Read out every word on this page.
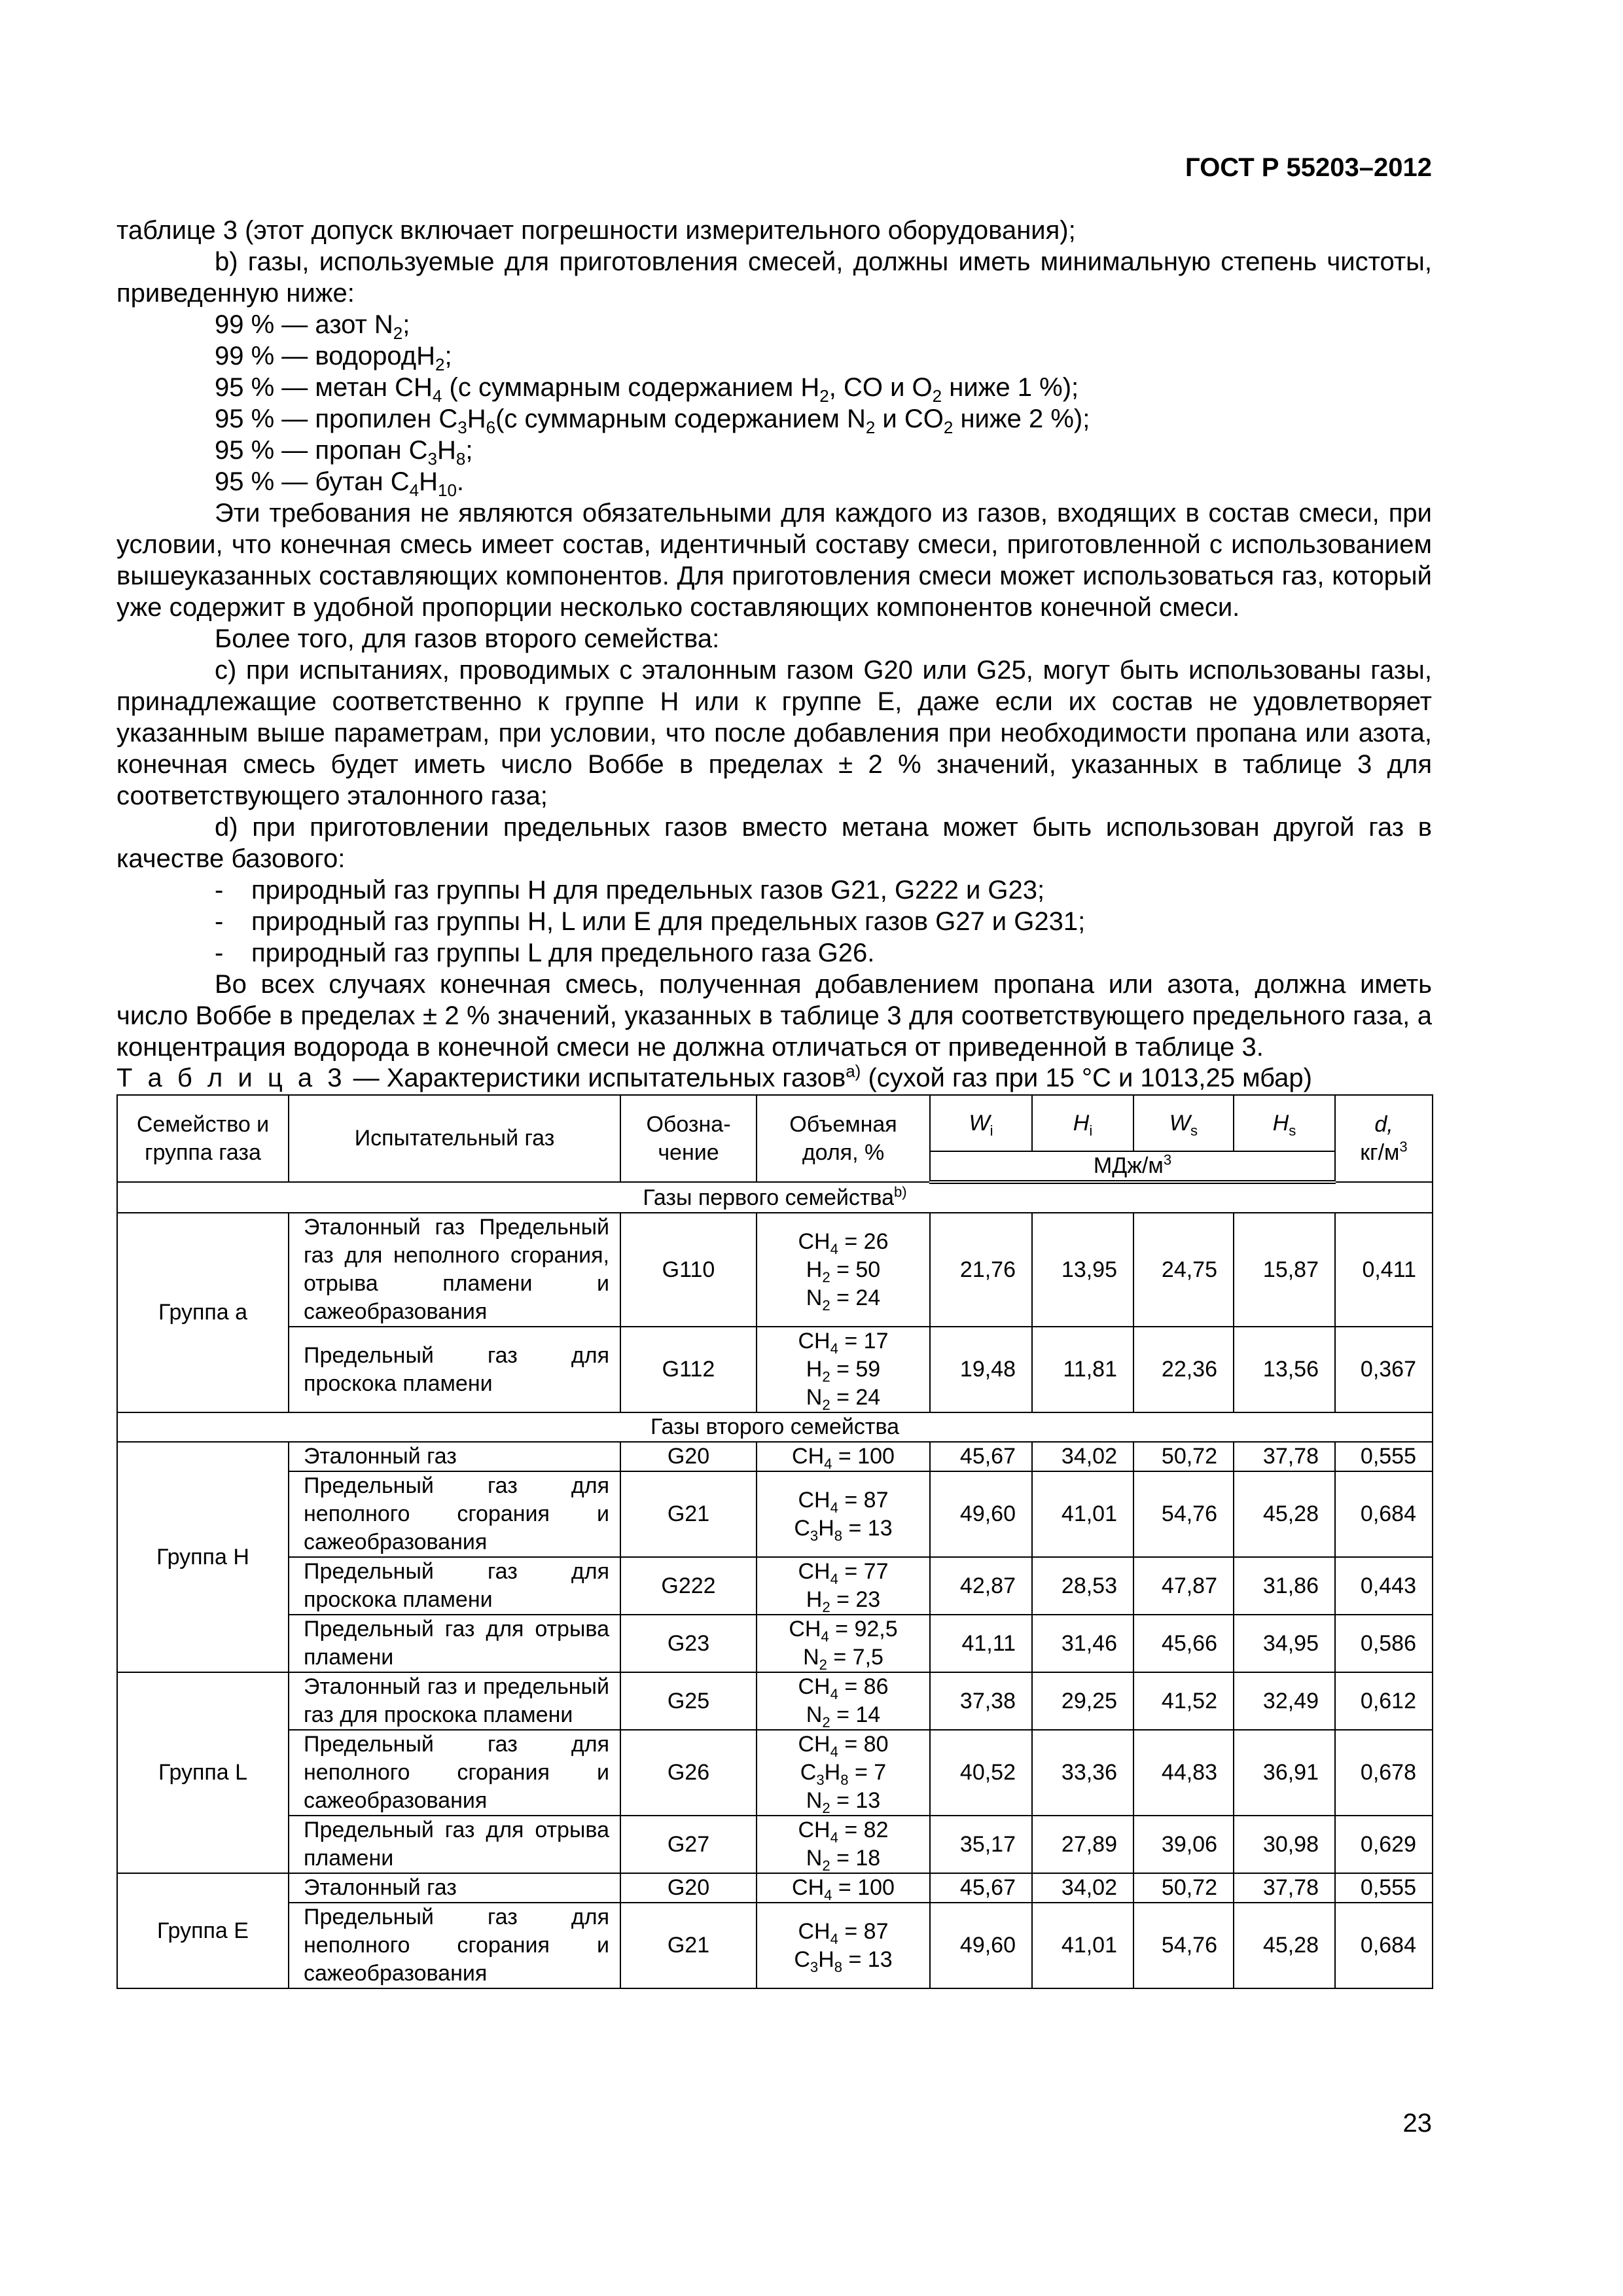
ГОСТ Р 55203–2012

таблице 3 (этот допуск включает погрешности измерительного оборудования);

b) газы, используемые для приготовления смесей, должны иметь минимальную степень чистоты, приведенную ниже:

99 % — азот $N_2$;

99 % — водородH$_2$;

95 % — метан $CH_4$ (с суммарным содержанием $H_2$, CO и $O_2$ ниже 1 %);

95 % — пропилен $C_3H_6(с$ суммарным содержанием $N_2$ и $CO_2$ ниже 2 %);

95 % — пропан $C_3H_8$;

95 % — бутан $C_4H_{10}$.

Эти требования не являются обязательными для каждого из газов, входящих в состав смеси, при условии, что конечная смесь имеет состав, идентичный составу смеси, приготовленной с использованием вышеуказанных составляющих компонентов. Для приготовления смеси может использоваться газ, который уже содержит в удобной пропорции несколько составляющих компонентов конечной смеси.

Более того, для газов второго семейства:

c) при испытаниях, проводимых с эталонным газом G20 или G25, могут быть использованы газы, принадлежащие соответственно к группе H или к группе E, даже если их состав не удовлетворяет указанным выше параметрам, при условии, что после добавления при необходимости пропана или азота, конечная смесь будет иметь число Воббе в пределах ± 2 % значений, указанных в таблице 3 для соответствующего эталонного газа;

d) при приготовлении предельных газов вместо метана может быть использован другой газ в качестве базового:

- природный газ группы H для предельных газов G21, G222 и G23;

- природный газ группы H, L или E для предельных газов G27 и G231;

- природный газ группы L для предельного газа G26.

Во всех случаях конечная смесь, полученная добавлением пропана или азота, должна иметь число Воббе в пределах ± 2 % значений, указанных в таблице 3 для соответствующего предельного газа, а концентрация водорода в конечной смеси не должна отличаться от приведенной в таблице 3.

Т а б л и ц а 3 — Характеристики испытательных газов$^{a)}$ (сухой газ при 15 °С и 1013,25 мбар)

Семейство и группа газа	Испытательный газ	Обозна-чение	Объемная доля, %	$W_i$	$H_i$	$W_s$	$H_s$	d,
$кг/м^3$
				МДж/$м^3$
Газы первого семейства$^{b)}$
Группа а	Эталонный газ Предельный газ для неполного сгорания, отрыва пламени и сажеобразования	G110	$CH_4 = 26$
$H_2 = 50$
$N_2 = 24$	21,76	13,95	24,75	15,87	0,411
	Предельный газ для проскока пламени	G112	$CH_4 = 17$
$H_2 = 59$
$N_2 = 24$	19,48	11,81	22,36	13,56	0,367
Газы второго семейства								
Группа H	Эталонный газ	G20	$CH_4 = 100$	45,67	34,02	50,72	37,78	0,555
	Предельный газ для неполного сгорания и сажеобразования	G21	$CH_4 = 87$
$C_3H_8 = 13$	49,60	41,01	54,76	45,28	0,684
	Предельный газ для проскока пламени	G222	$CH_4 = 77$
$H_2 = 23$	42,87	28,53	47,87	31,86	0,443
	Предельный газ для отрыва пламени	G23	$CH_4 = 92,5$
$N_2 = 7,5$	41,11	31,46	45,66	34,95	0,586
Группа L	Эталонный газ и предельный газ для проскока пламени	G25	$CH_4 = 86$
$N_2 = 14$	37,38	29,25	41,52	32,49	0,612
	Предельный газ для неполного сгорания и сажеобразования	G26	$CH_4 = 80$
$C_3H_8 = 7$
$N_2 = 13$	40,52	33,36	44,83	36,91	0,678
	Предельный газ для отрыва пламени	G27	$CH_4 = 82$
$N_2 = 18$	35,17	27,89	39,06	30,98	0,629
Группа E	Эталонный газ	G20	$CH_4 = 100$	45,67	34,02	50,72	37,78	0,555
	Предельный газ для неполного сгорания и сажеобразования	G21	$CH_4 = 87$
$C_3H_8 = 13$	49,60	41,01	54,76	45,28	0,684
23
